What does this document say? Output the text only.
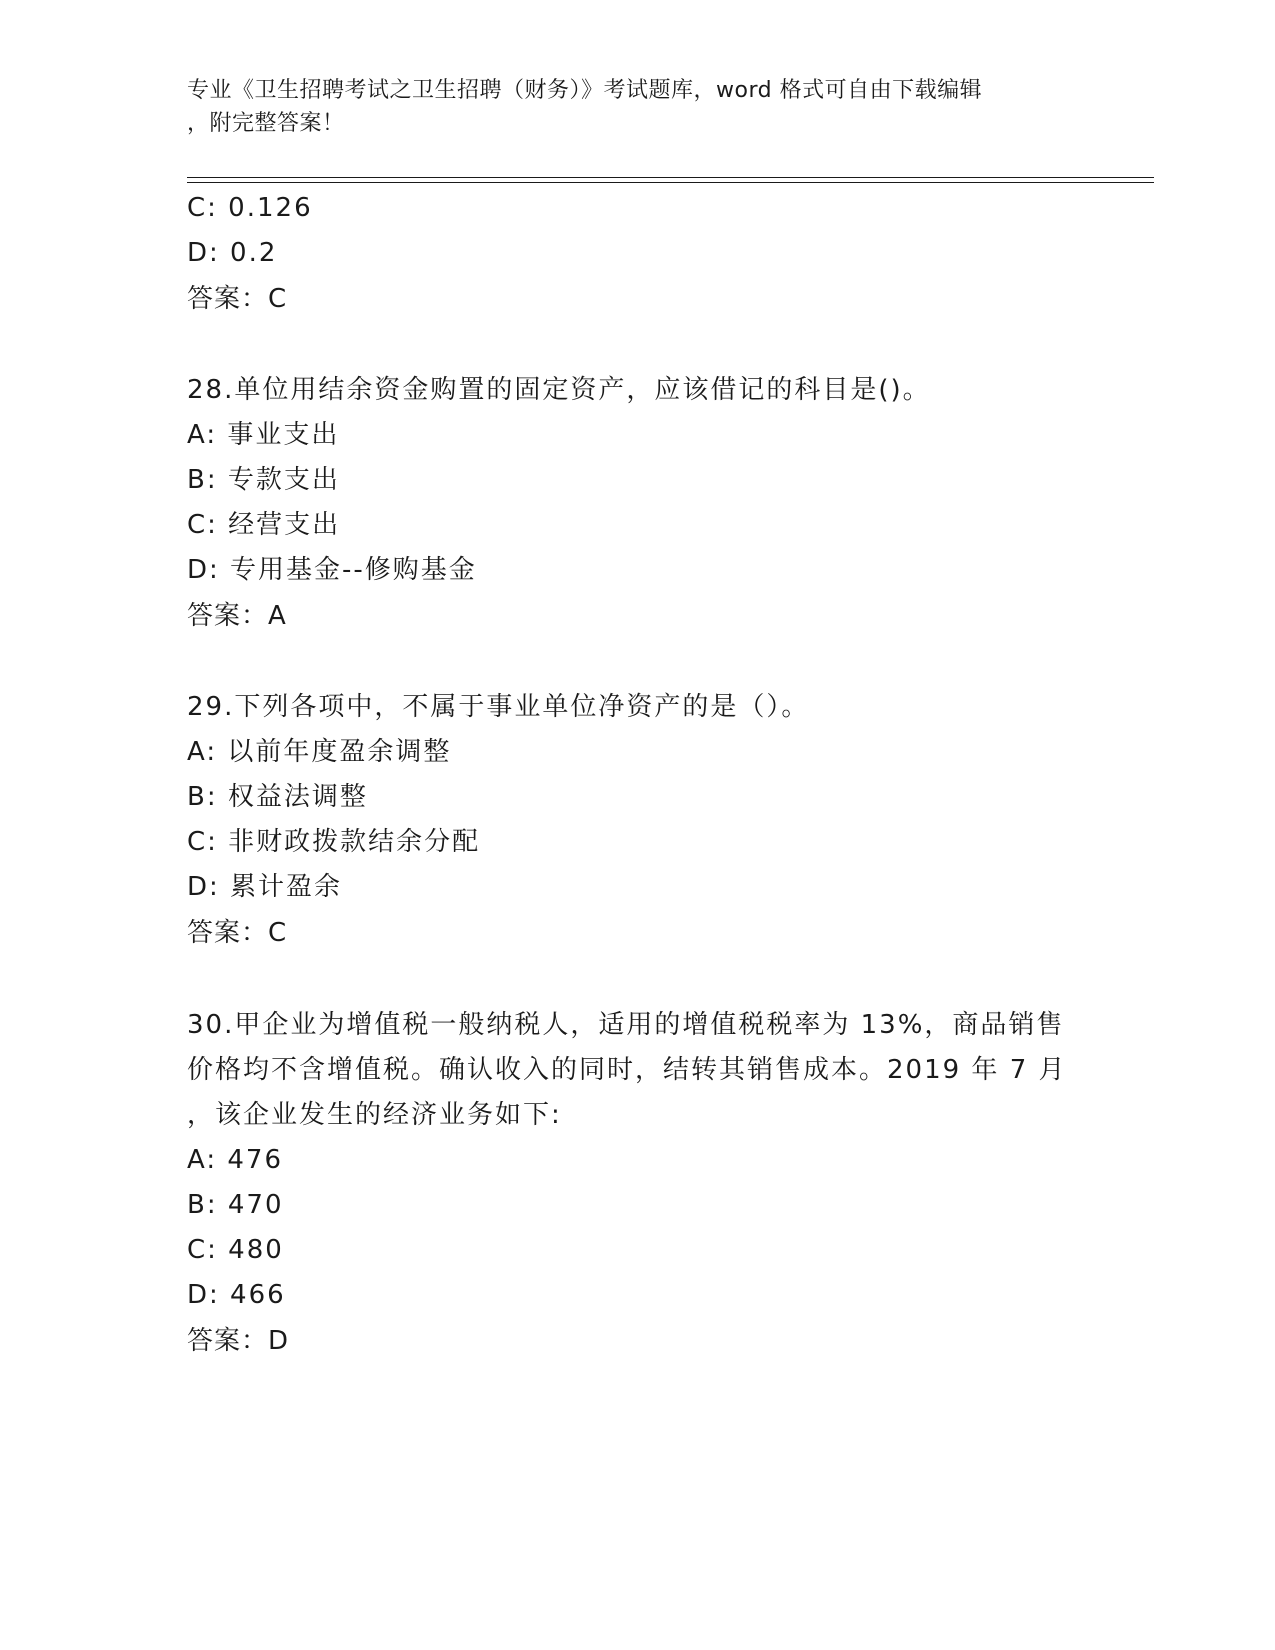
专业《卫生招聘考试之卫生招聘（财务）》考试题库，word 格式可自由下载编辑
，附完整答案！
C: 0.126
D: 0.2
答案：C
28.单位用结余资金购置的固定资产，应该借记的科目是()。
A: 事业支出
B: 专款支出
C: 经营支出
D: 专用基金--修购基金
答案：A
29.下列各项中，不属于事业单位净资产的是（）。
A: 以前年度盈余调整
B: 权益法调整
C: 非财政拨款结余分配
D: 累计盈余
答案：C
30.甲企业为增值税一般纳税人，适用的增值税税率为 13%，商品销售
价格均不含增值税。确认收入的同时，结转其销售成本。2019 年 7 月
，该企业发生的经济业务如下:
A: 476
B: 470
C: 480
D: 466
答案：D
